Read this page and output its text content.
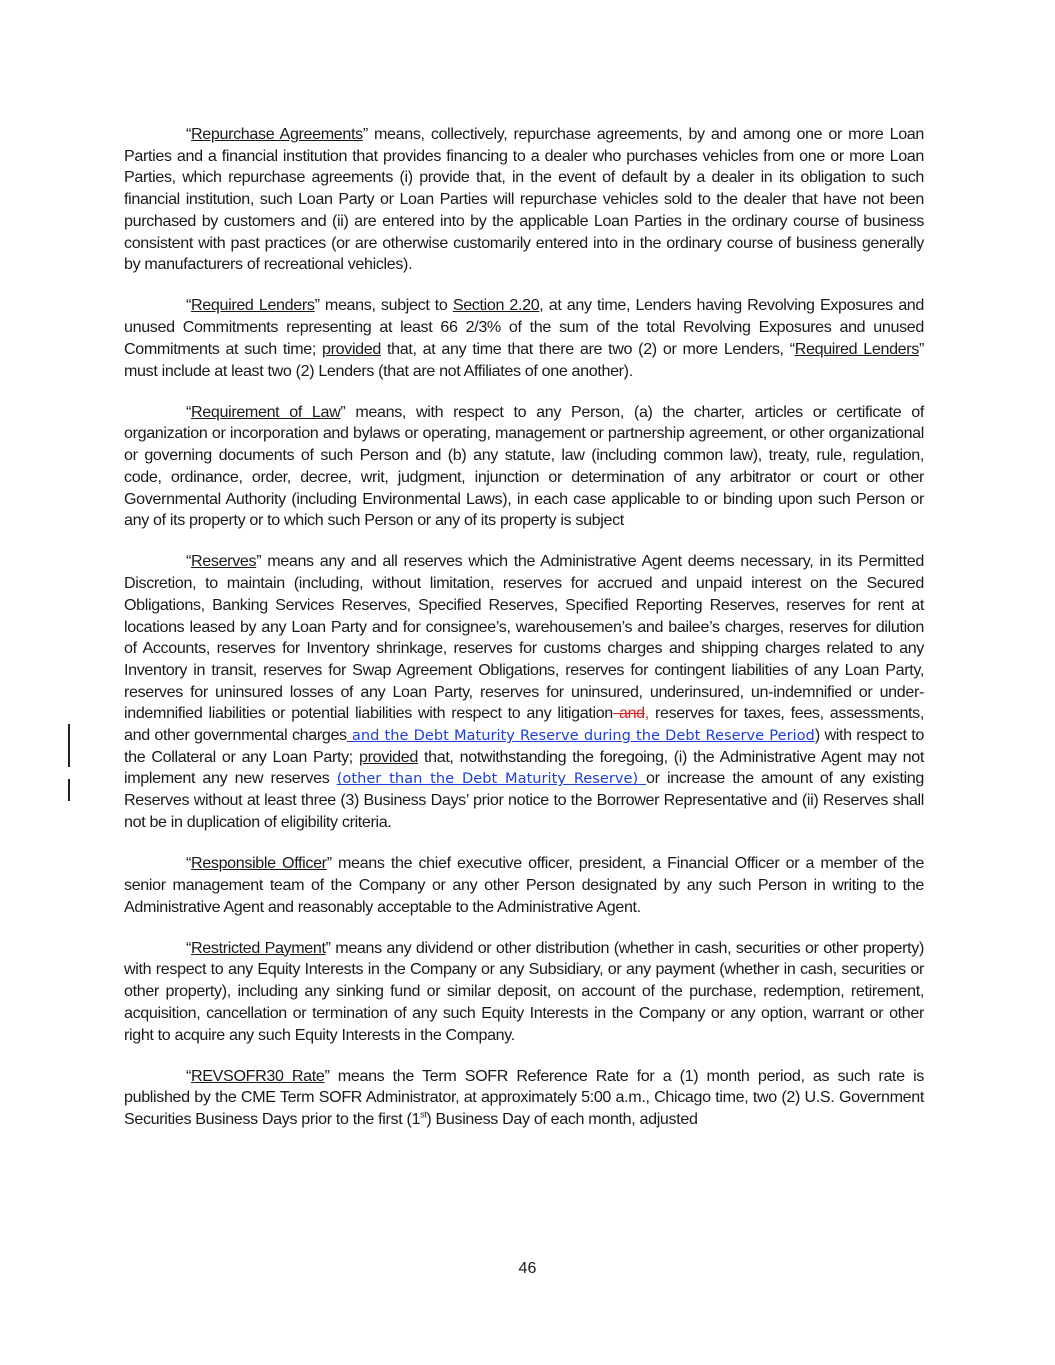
“Repurchase Agreements” means, collectively, repurchase agreements, by and among one or more Loan Parties and a financial institution that provides financing to a dealer who purchases vehicles from one or more Loan Parties, which repurchase agreements (i) provide that, in the event of default by a dealer in its obligation to such financial institution, such Loan Party or Loan Parties will repurchase vehicles sold to the dealer that have not been purchased by customers and (ii) are entered into by the applicable Loan Parties in the ordinary course of business consistent with past practices (or are otherwise customarily entered into in the ordinary course of business generally by manufacturers of recreational vehicles).

“Required Lenders” means, subject to Section 2.20, at any time, Lenders having Revolving Exposures and unused Commitments representing at least 66 2/3% of the sum of the total Revolving Exposures and unused Commitments at such time; provided that, at any time that there are two (2) or more Lenders, “Required Lenders” must include at least two (2) Lenders (that are not Affiliates of one another).

“Requirement of Law” means, with respect to any Person, (a) the charter, articles or certificate of organization or incorporation and bylaws or operating, management or partnership agreement, or other organizational or governing documents of such Person and (b) any statute, law (including common law), treaty, rule, regulation, code, ordinance, order, decree, writ, judgment, injunction or determination of any arbitrator or court or other Governmental Authority (including Environmental Laws), in each case applicable to or binding upon such Person or any of its property or to which such Person or any of its property is subject

“Reserves” means any and all reserves which the Administrative Agent deems necessary, in its Permitted Discretion, to maintain (including, without limitation, reserves for accrued and unpaid interest on the Secured Obligations, Banking Services Reserves, Specified Reserves, Specified Reporting Reserves, reserves for rent at locations leased by any Loan Party and for consignee’s, warehousemen’s and bailee’s charges, reserves for dilution of Accounts, reserves for Inventory shrinkage, reserves for customs charges and shipping charges related to any Inventory in transit, reserves for Swap Agreement Obligations, reserves for contingent liabilities of any Loan Party, reserves for uninsured losses of any Loan Party, reserves for uninsured, underinsured, un-indemnified or under-indemnified liabilities or potential liabilities with respect to any litigation and, reserves for taxes, fees, assessments, and other governmental charges and the Debt Maturity Reserve during the Debt Reserve Period) with respect to the Collateral or any Loan Party; provided that, notwithstanding the foregoing, (i) the Administrative Agent may not implement any new reserves (other than the Debt Maturity Reserve) or increase the amount of any existing Reserves without at least three (3) Business Days’ prior notice to the Borrower Representative and (ii) Reserves shall not be in duplication of eligibility criteria.

“Responsible Officer” means the chief executive officer, president, a Financial Officer or a member of the senior management team of the Company or any other Person designated by any such Person in writing to the Administrative Agent and reasonably acceptable to the Administrative Agent.

“Restricted Payment” means any dividend or other distribution (whether in cash, securities or other property) with respect to any Equity Interests in the Company or any Subsidiary, or any payment (whether in cash, securities or other property), including any sinking fund or similar deposit, on account of the purchase, redemption, retirement, acquisition, cancellation or termination of any such Equity Interests in the Company or any option, warrant or other right to acquire any such Equity Interests in the Company.

“REVSOFR30 Rate” means the Term SOFR Reference Rate for a (1) month period, as such rate is published by the CME Term SOFR Administrator, at approximately 5:00 a.m., Chicago time, two (2) U.S. Government Securities Business Days prior to the first (1st) Business Day of each month, adjusted

46
